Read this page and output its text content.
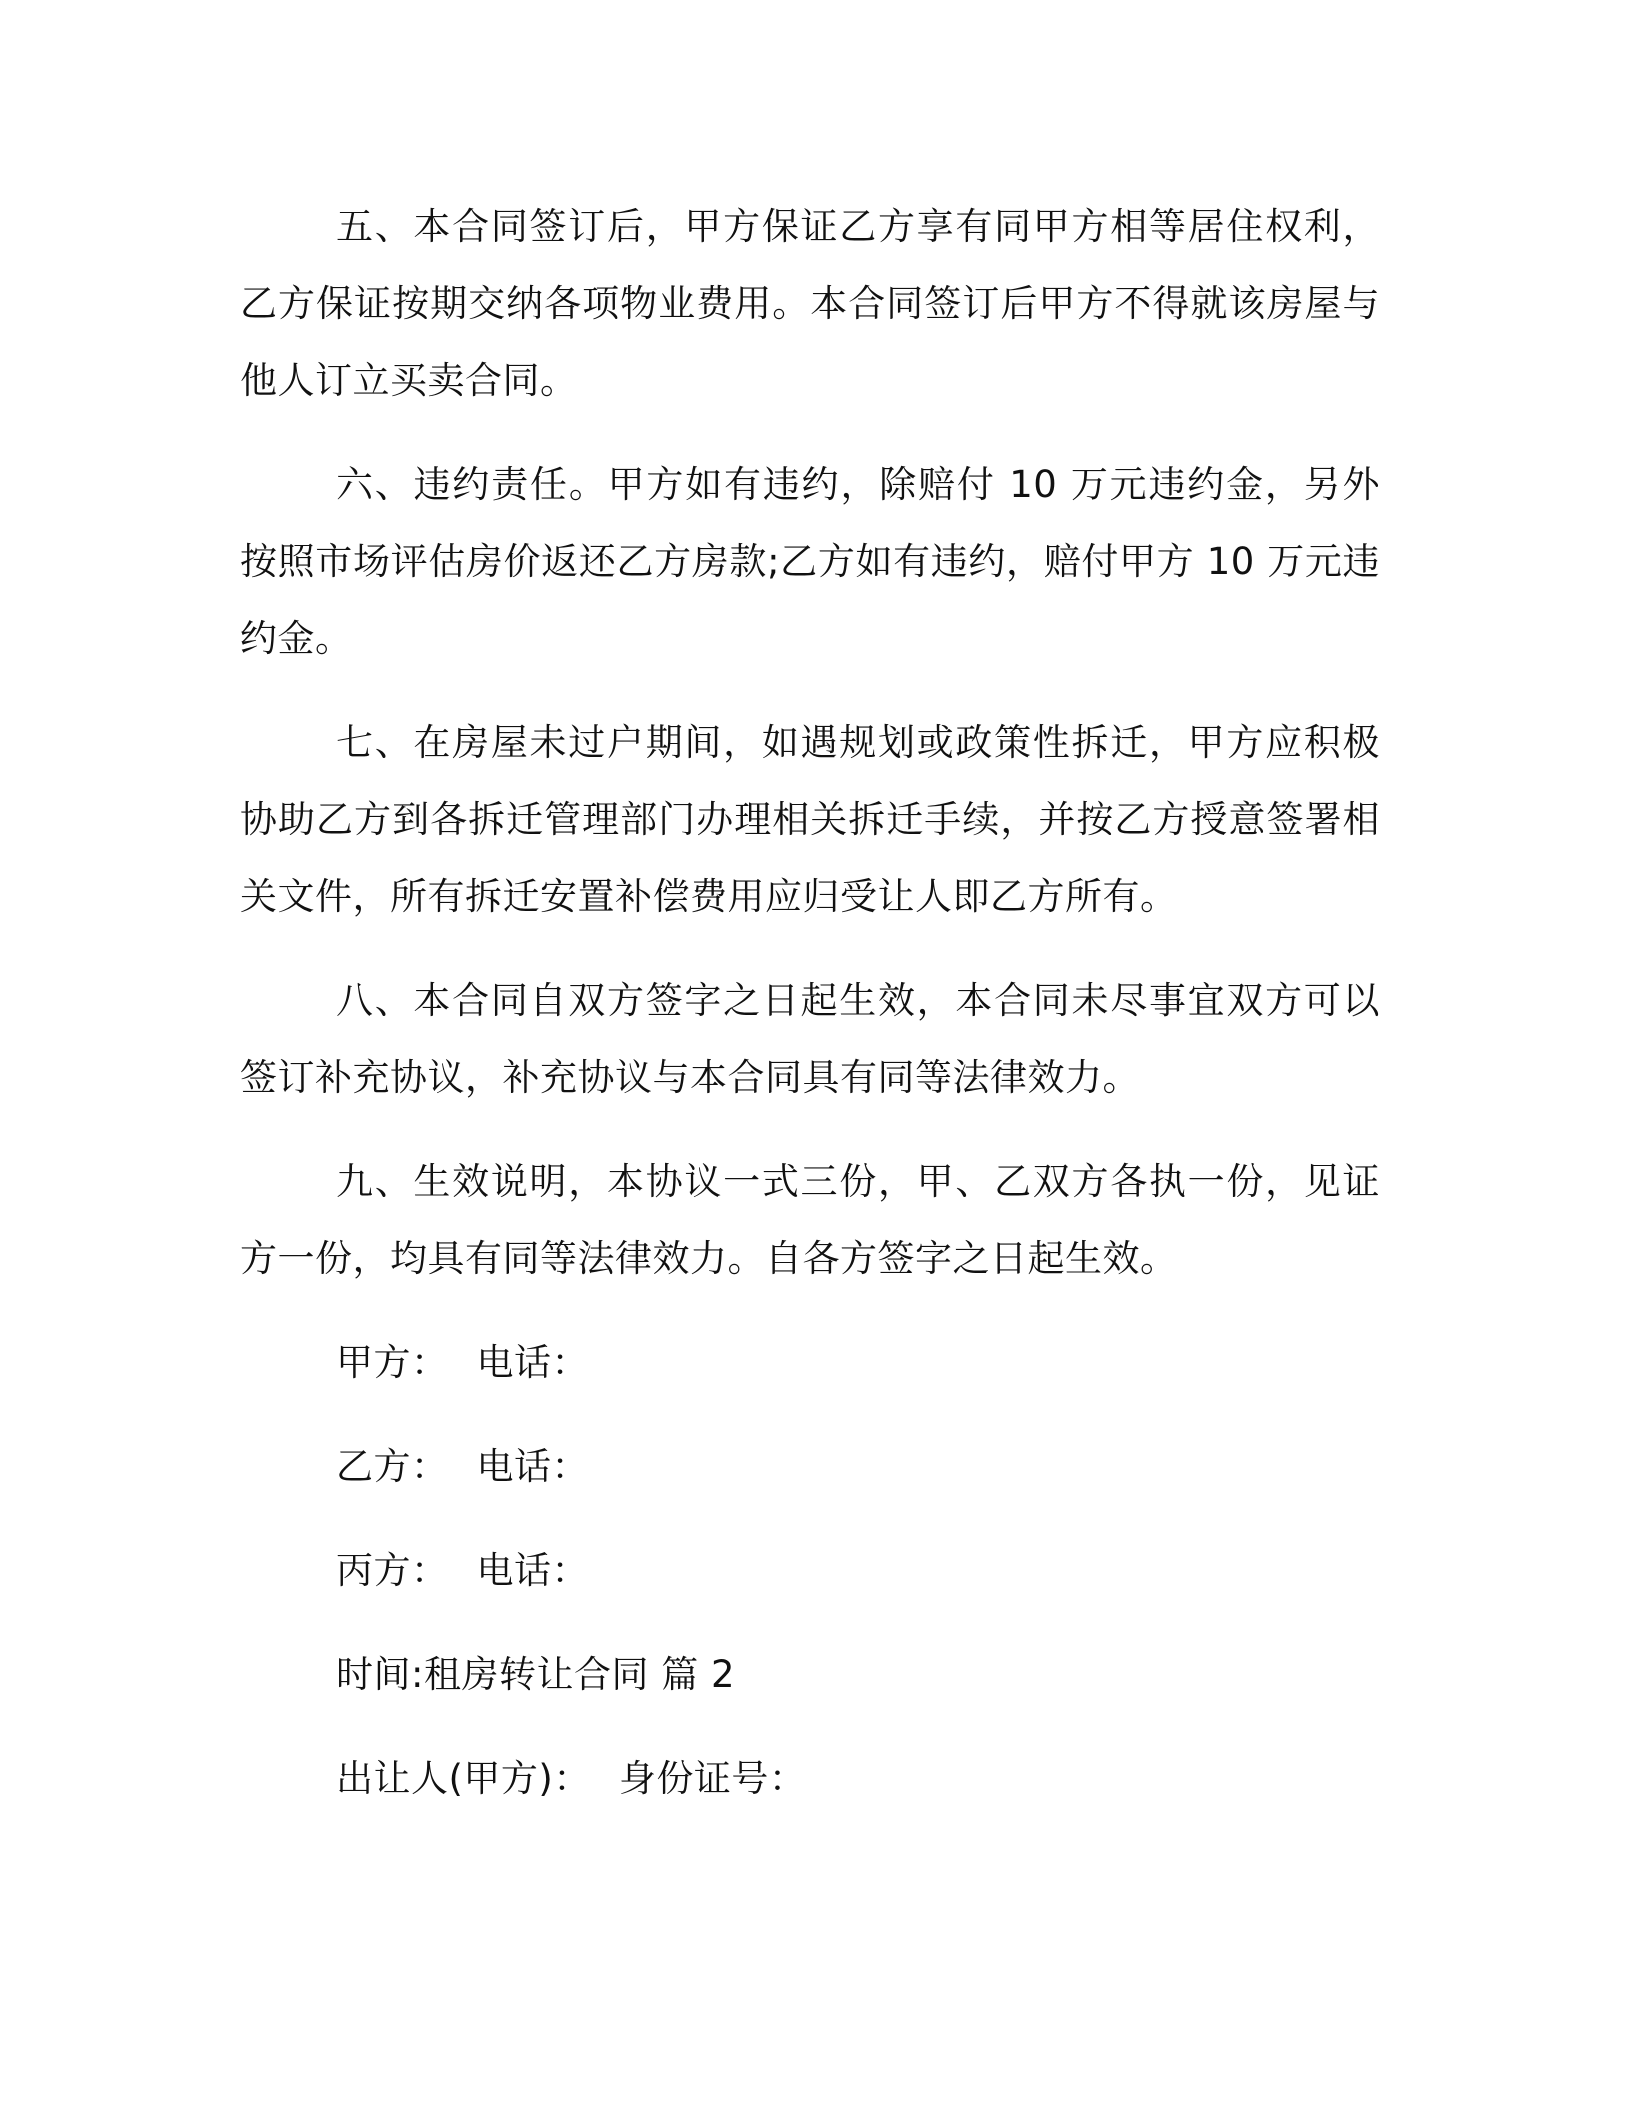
五、本合同签订后，甲方保证乙方享有同甲方相等居住权利，乙方保证按期交纳各项物业费用。本合同签订后甲方不得就该房屋与他人订立买卖合同。

六、违约责任。甲方如有违约，除赔付 10 万元违约金，另外按照市场评估房价返还乙方房款;乙方如有违约，赔付甲方 10 万元违约金。

七、在房屋未过户期间，如遇规划或政策性拆迁，甲方应积极协助乙方到各拆迁管理部门办理相关拆迁手续，并按乙方授意签署相关文件，所有拆迁安置补偿费用应归受让人即乙方所有。

八、本合同自双方签字之日起生效，本合同未尽事宜双方可以签订补充协议，补充协议与本合同具有同等法律效力。

九、生效说明，本协议一式三份，甲、乙双方各执一份，见证方一份，均具有同等法律效力。自各方签字之日起生效。

甲方： 电话：
乙方： 电话：
丙方： 电话：
时间:租房转让合同 篇 2
出让人(甲方)： 身份证号：
